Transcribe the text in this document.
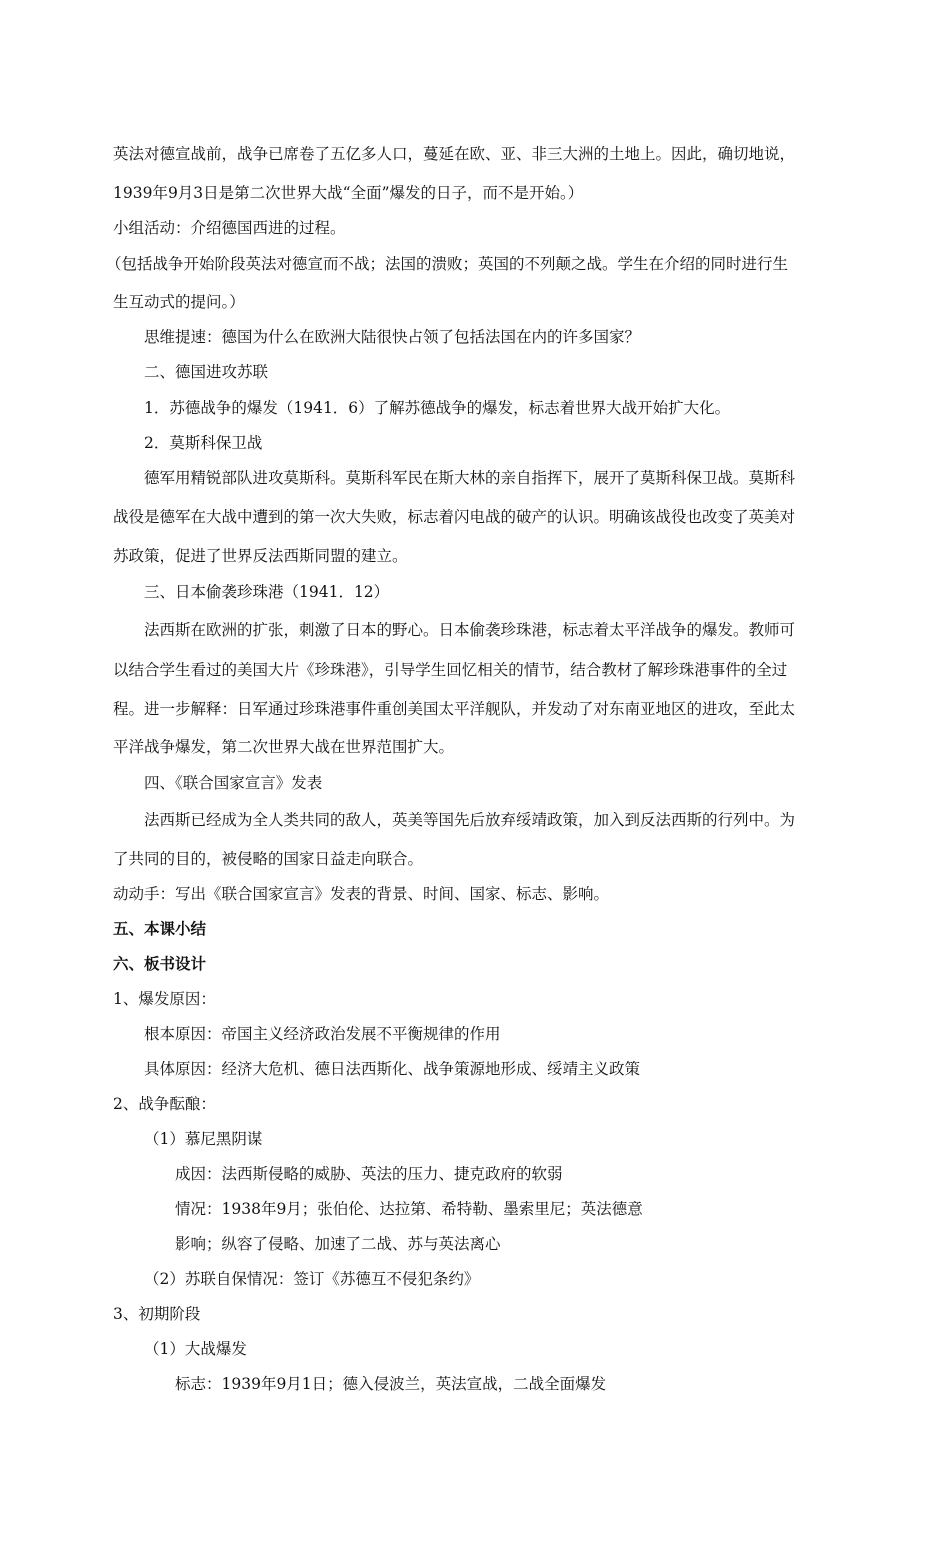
英法对德宣战前，战争已席卷了五亿多人口，蔓延在欧、亚、非三大洲的土地上。因此，确切地说，
1939年9月3日是第二次世界大战“全面”爆发的日子，而不是开始。）
小组活动：介绍德国西进的过程。
（包括战争开始阶段英法对德宣而不战；法国的溃败；英国的不列颠之战。学生在介绍的同时进行生
生互动式的提问。）
思维提速：德国为什么在欧洲大陆很快占领了包括法国在内的许多国家？
二、德国进攻苏联
1．苏德战争的爆发（1941．6）了解苏德战争的爆发，标志着世界大战开始扩大化。
2．莫斯科保卫战
德军用精锐部队进攻莫斯科。莫斯科军民在斯大林的亲自指挥下，展开了莫斯科保卫战。莫斯科
战役是德军在大战中遭到的第一次大失败，标志着闪电战的破产的认识。明确该战役也改变了英美对
苏政策，促进了世界反法西斯同盟的建立。
三、日本偷袭珍珠港（1941．12）
法西斯在欧洲的扩张，刺激了日本的野心。日本偷袭珍珠港，标志着太平洋战争的爆发。教师可
以结合学生看过的美国大片《珍珠港》，引导学生回忆相关的情节，结合教材了解珍珠港事件的全过
程。进一步解释：日军通过珍珠港事件重创美国太平洋舰队，并发动了对东南亚地区的进攻，至此太
平洋战争爆发，第二次世界大战在世界范围扩大。
四、《联合国家宣言》发表
法西斯已经成为全人类共同的敌人，英美等国先后放弃绥靖政策，加入到反法西斯的行列中。为
了共同的目的，被侵略的国家日益走向联合。
动动手：写出《联合国家宣言》发表的背景、时间、国家、标志、影响。
五、本课小结
六、板书设计
1、爆发原因：
根本原因：帝国主义经济政治发展不平衡规律的作用
具体原因：经济大危机、德日法西斯化、战争策源地形成、绥靖主义政策
2、战争酝酿：
（1）慕尼黑阴谋
成因：法西斯侵略的威胁、英法的压力、捷克政府的软弱
情况：1938年9月；张伯伦、达拉第、希特勒、墨索里尼；英法德意
影响；纵容了侵略、加速了二战、苏与英法离心
（2）苏联自保情况：签订《苏德互不侵犯条约》
3、初期阶段
（1）大战爆发
标志：1939年9月1日；德入侵波兰，英法宣战，二战全面爆发
